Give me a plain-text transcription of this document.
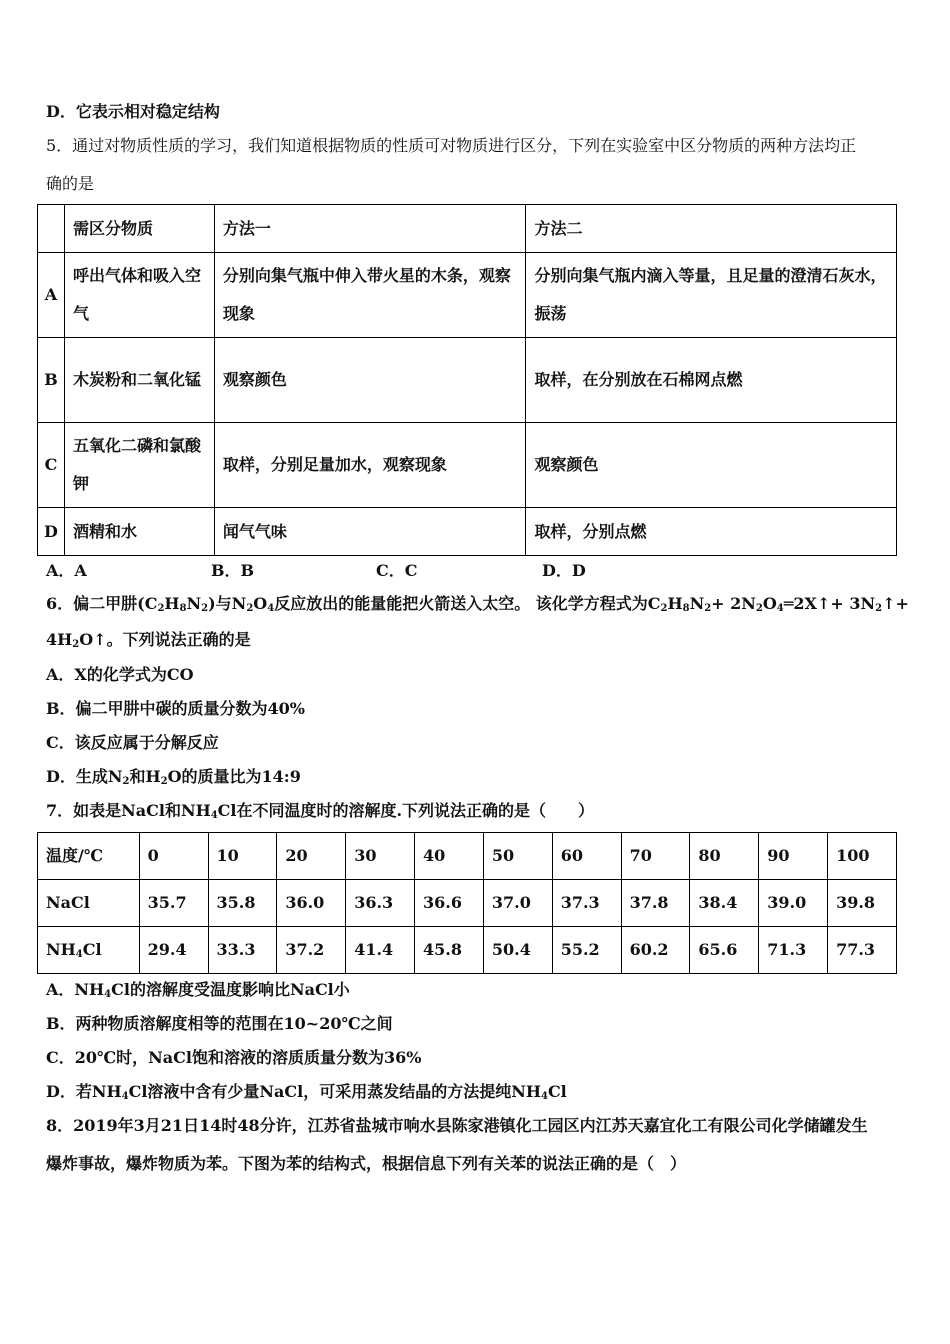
D．它表示相对稳定结构
5．通过对物质性质的学习，我们知道根据物质的性质可对物质进行区分，下列在实验室中区分物质的两种方法均正
确的是
	需区分物质	方法一	方法二
A	呼出气体和吸入空气	分别向集气瓶中伸入带火星的木条，观察现象	分别向集气瓶内滴入等量，且足量的澄清石灰水，振荡
B	木炭粉和二氧化锰	观察颜色	取样，在分别放在石棉网点燃
C	五氧化二磷和氯酸钾	取样，分别足量加水，观察现象	观察颜色
D	酒精和水	闻气气味	取样，分别点燃
A．A	B．B	C．C	D．D
6．偏二甲肼$(C_2H_8N_2)$与$N_2O_4$反应放出的能量能把火箭送入太空。 该化学方程式为$C_2H_8N_2+$ $2N_2O_4═2X↑+$ $3N_2↑+$
$4H_2O↑$。下列说法正确的是
A．X的化学式为CO
B．偏二甲肼中碳的质量分数为40%
C．该反应属于分解反应
D．生成$N_2$和$H_2O$的质量比为14:9
7．如表是NaCl和$NH_4Cl$在不同温度时的溶解度.下列说法正确的是（　　）
温度/℃	0	10	20	30	40	50	60	70	80	90	100
NaCl	35.7	35.8	36.0	36.3	36.6	37.0	37.3	37.8	38.4	39.0	39.8
$NH_4Cl$	29.4	33.3	37.2	41.4	45.8	50.4	55.2	60.2	65.6	71.3	77.3
A．$NH_4Cl$的溶解度受温度影响比NaCl小
B．两种物质溶解度相等的范围在10~20℃之间
C．20℃时，NaCl饱和溶液的溶质质量分数为36%
D．若$NH_4Cl$溶液中含有少量NaCl，可采用蒸发结晶的方法提纯$NH_4Cl$
8．2019年3月21日14时48分许，江苏省盐城市响水县陈家港镇化工园区内江苏天嘉宜化工有限公司化学储罐发生
爆炸事故，爆炸物质为苯。下图为苯的结构式，根据信息下列有关苯的说法正确的是（　）
